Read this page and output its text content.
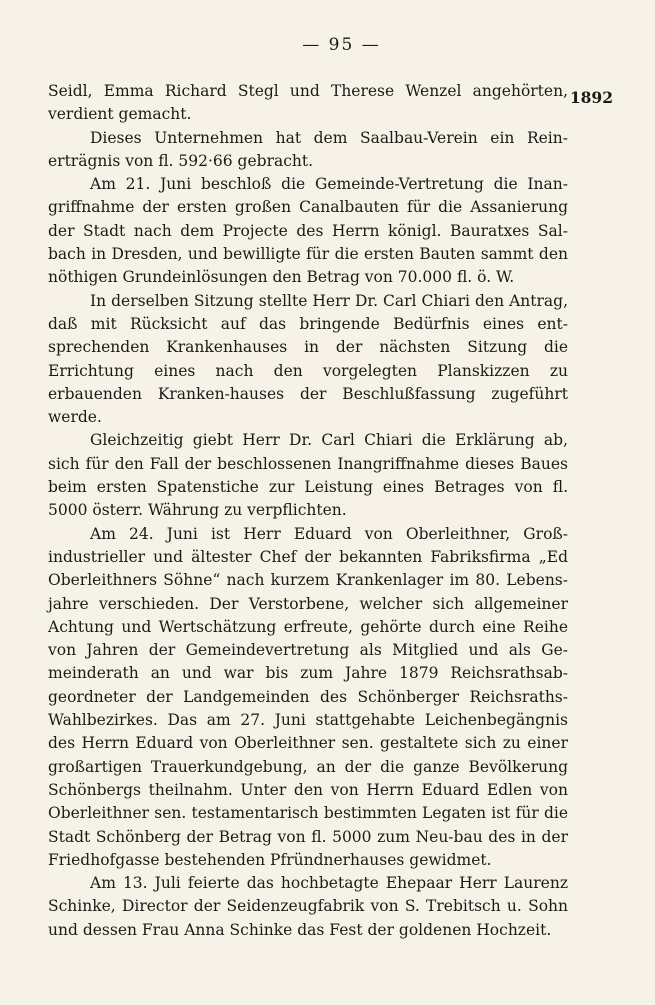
— 95 —
1892

Seidl, Emma Richard Stegl und Therese Wenzel angehörten, verdient gemacht.

Dieses Unternehmen hat dem Saalbau-Verein ein Rein-erträgnis von fl. 592·66 gebracht.

Am 21. Juni beschloß die Gemeinde-Vertretung die Inan-griffnahme der ersten großen Canalbauten für die Assanierung der Stadt nach dem Projecte des Herrn königl. Bauratхes Sal-bach in Dresden, und bewilligte für die ersten Bauten sammt den nöthigen Grundeinlösungen den Betrag von 70.000 fl. ö. W.

In derselben Sitzung stellte Herr Dr. Carl Chiari den Antrag, daß mit Rücksicht auf das bringende Bedürfnis eines ent-sprechenden Krankenhauses in der nächsten Sitzung die Errichtung eines nach den vorgelegten Planskizzen zu erbauenden Kranken-hauses der Beschlußfassung zugeführt werde.

Gleichzeitig giebt Herr Dr. Carl Chiari die Erklärung ab, sich für den Fall der beschlossenen Inangriffnahme dieses Baues beim ersten Spatenstiche zur Leistung eines Betrages von fl. 5000 österr. Währung zu verpflichten.

Am 24. Juni ist Herr Eduard von Oberleithner, Groß-industrieller und ältester Chef der bekannten Fabriksfirma „Ed Oberleithners Söhne“ nach kurzem Krankenlager im 80. Lebens-jahre verschieden. Der Verstorbene, welcher sich allgemeiner Achtung und Wertschätzung erfreute, gehörte durch eine Reihe von Jahren der Gemeindevertretung als Mitglied und als Ge-meinderath an und war bis zum Jahre 1879 Reichsrathsab-geordneter der Landgemeinden des Schönberger Reichsraths-Wahlbezirkes. Das am 27. Juni stattgehabte Leichenbegängnis des Herrn Eduard von Oberleithner sen. gestaltete sich zu einer großartigen Trauerkundgebung, an der die ganze Bevölkerung Schönbergs theilnahm. Unter den von Herrn Eduard Edlen von Oberleithner sen. testamentarisch bestimmten Legaten ist für die Stadt Schönberg der Betrag von fl. 5000 zum Neu-bau des in der Friedhofgasse bestehenden Pfründnerhauses gewidmet.

Am 13. Juli feierte das hochbetagte Ehepaar Herr Laurenz Schinke, Director der Seidenzeugfabrik von S. Trebitsch u. Sohn und dessen Frau Anna Schinke das Fest der goldenen Hochzeit.
